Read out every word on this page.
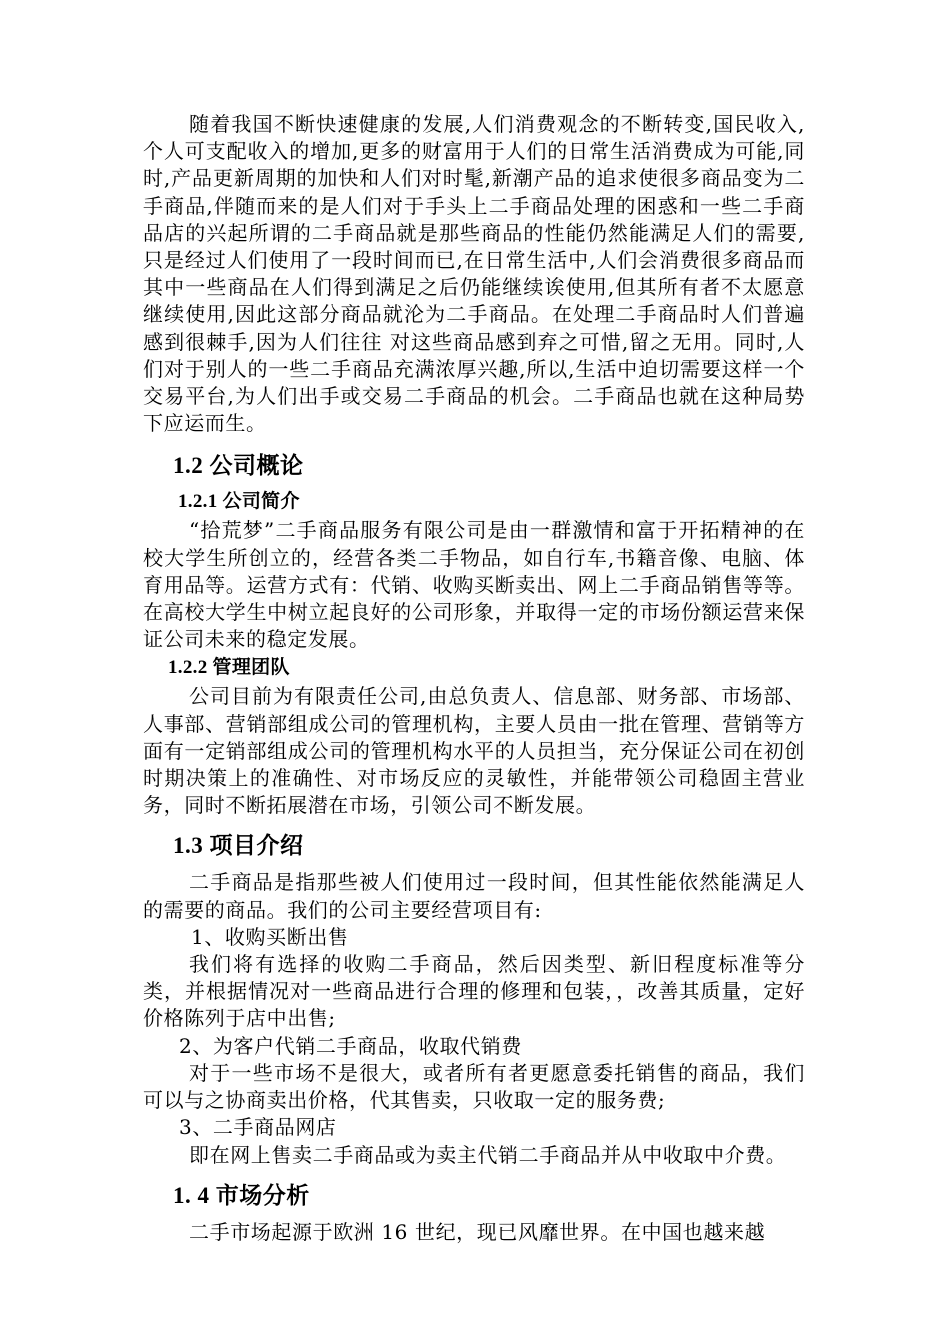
随着我国不断快速健康的发展,人们消费观念的不断转变,国民收入,个人可支配收入的增加,更多的财富用于人们的日常生活消费成为可能,同时,产品更新周期的加快和人们对时髦,新潮产品的追求使很多商品变为二手商品,伴随而来的是人们对于手头上二手商品处理的困惑和一些二手商品店的兴起所谓的二手商品就是那些商品的性能仍然能满足人们的需要,只是经过人们使用了一段时间而已,在日常生活中,人们会消费很多商品而其中一些商品在人们得到满足之后仍能继续诶使用,但其所有者不太愿意继续使用,因此这部分商品就沦为二手商品。在处理二手商品时人们普遍感到很棘手,因为人们往往 对这些商品感到弃之可惜,留之无用。同时,人们对于别人的一些二手商品充满浓厚兴趣,所以,生活中迫切需要这样一个交易平台,为人们出手或交易二手商品的机会。二手商品也就在这种局势下应运而生。

1.2 公司概论
1.2.1 公司简介

“拾荒梦”二手商品服务有限公司是由一群激情和富于开拓精神的在校大学生所创立的，经营各类二手物品，如自行车,书籍音像、电脑、体育用品等。运营方式有：代销、收购买断卖出、网上二手商品销售等等。在高校大学生中树立起良好的公司形象，并取得一定的市场份额运营来保证公司未来的稳定发展。

1.2.2 管理团队

公司目前为有限责任公司,由总负责人、信息部、财务部、市场部、人事部、营销部组成公司的管理机构，主要人员由一批在管理、营销等方面有一定销部组成公司的管理机构水平的人员担当，充分保证公司在初创时期决策上的准确性、对市场反应的灵敏性，并能带领公司稳固主营业务，同时不断拓展潜在市场，引领公司不断发展。

1.3 项目介绍

二手商品是指那些被人们使用过一段时间，但其性能依然能满足人的需要的商品。我们的公司主要经营项目有:

1、收购买断出售

我们将有选择的收购二手商品，然后因类型、新旧程度标准等分类，并根据情况对一些商品进行合理的修理和包装，，改善其质量，定好价格陈列于店中出售;

2、为客户代销二手商品，收取代销费

对于一些市场不是很大，或者所有者更愿意委托销售的商品，我们可以与之协商卖出价格，代其售卖，只收取一定的服务费;

3、二手商品网店

即在网上售卖二手商品或为卖主代销二手商品并从中收取中介费。

1. 4 市场分析

二手市场起源于欧洲 16 世纪，现已风靡世界。在中国也越来越
